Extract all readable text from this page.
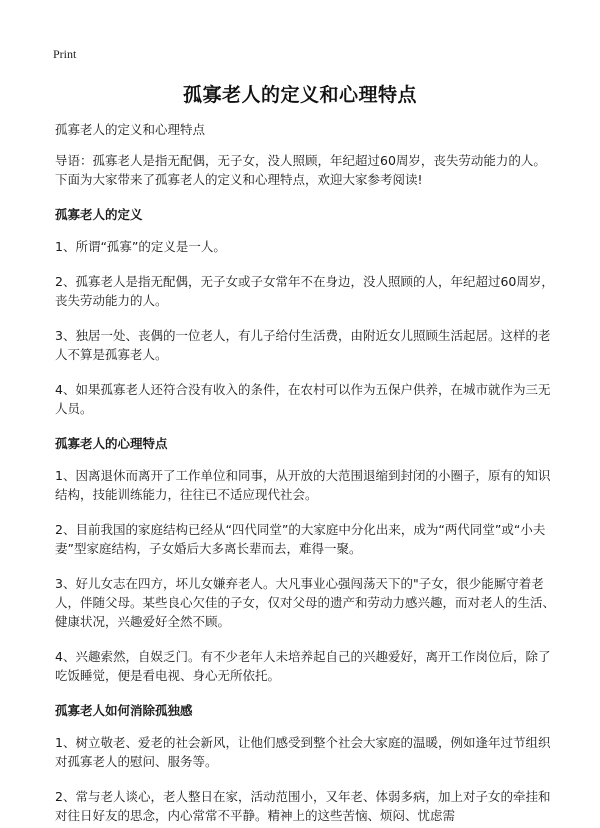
Print
孤寡老人的定义和心理特点

孤寡老人的定义和心理特点

导语：孤寡老人是指无配偶，无子女，没人照顾，年纪超过60周岁，丧失劳动能力的人。下面为大家带来了孤寡老人的定义和心理特点，欢迎大家参考阅读!

孤寡老人的定义

1、所谓“孤寡”的定义是一人。

2、孤寡老人是指无配偶，无子女或子女常年不在身边，没人照顾的人，年纪超过60周岁，丧失劳动能力的人。

3、独居一处、丧偶的一位老人，有儿子给付生活费，由附近女儿照顾生活起居。这样的老人不算是孤寡老人。

4、如果孤寡老人还符合没有收入的条件，在农村可以作为五保户供养，在城市就作为三无人员。

孤寡老人的心理特点

1、因离退休而离开了工作单位和同事，从开放的大范围退缩到封闭的小圈子，原有的知识结构，技能训练能力，往往已不适应现代社会。

2、目前我国的家庭结构已经从“四代同堂”的大家庭中分化出来，成为“两代同堂”或“小夫妻”型家庭结构，子女婚后大多离长辈而去，难得一聚。

3、好儿女志在四方，坏儿女嫌弃老人。大凡事业心强闯荡天下的"子女，很少能厮守着老人，伴随父母。某些良心欠佳的子女，仅对父母的遗产和劳动力感兴趣，而对老人的生活、健康状况，兴趣爱好全然不顾。

4、兴趣索然，自娱乏门。有不少老年人未培养起自己的兴趣爱好，离开工作岗位后，除了吃饭睡觉，便是看电视、身心无所依托。

孤寡老人如何消除孤独感

1、树立敬老、爱老的社会新风，让他们感受到整个社会大家庭的温暖，例如逢年过节组织对孤寡老人的慰问、服务等。

2、常与老人谈心，老人整日在家，活动范围小，又年老、体弱多病，加上对子女的牵挂和对往日好友的思念，内心常常不平静。精神上的这些苦恼、烦闷、忧虑需
